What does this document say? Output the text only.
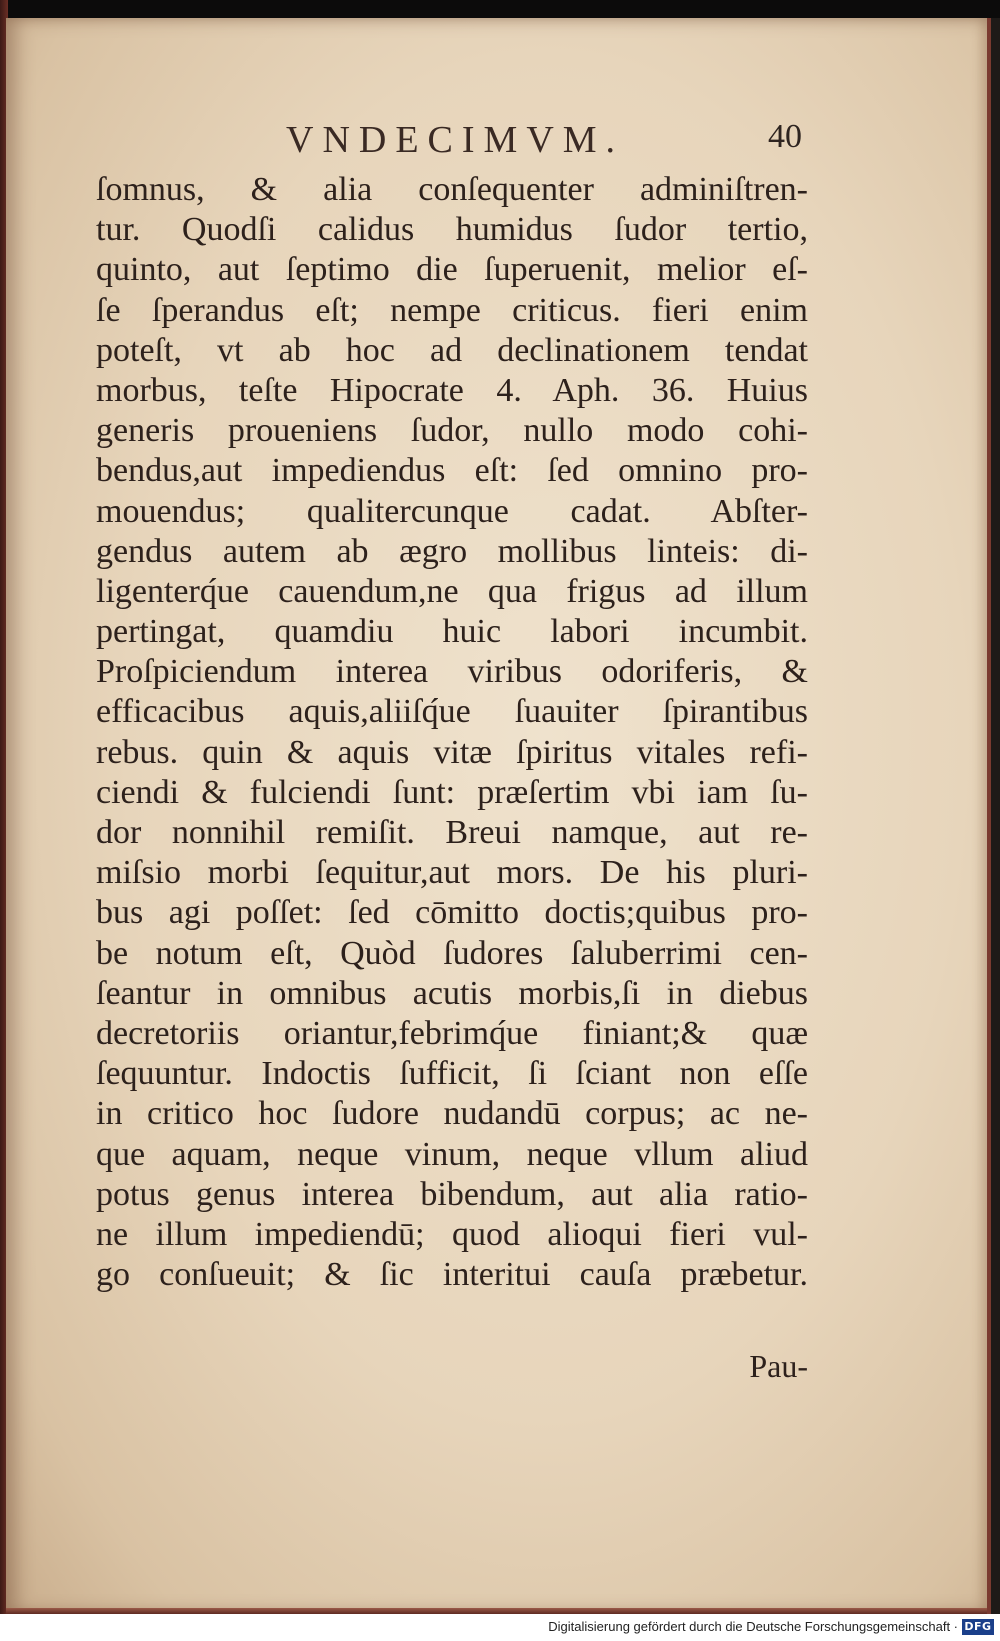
VNDECIMVM.	40
ſomnus, & alia conſequenter adminiſtren-
tur. Quodſi calidus humidus ſudor tertio,
quinto, aut ſeptimo die ſuperuenit, melior eſ-
ſe ſperandus eſt; nempe criticus. fieri enim
poteſt, vt ab hoc ad declinationem tendat
morbus, teſte Hipocrate 4. Aph. 36. Huius
generis prоueniens ſudor, nullo modo cohi-
bendus,aut impediendus eſt: ſed omnino pro-
mouendus; qualitercunque cadat. Abſter-
gendus autem ab ægro mollibus linteis: di-
ligenterq́ue cauendum,ne qua frigus ad illum
pertingat, quamdiu huic labori incumbit.
Proſpiciendum interea viribus odoriferis, &
efficacibus aquis,aliiſq́ue ſuauiter ſpirantibus
rebus. quin & aquis vitæ ſpiritus vitales refi-
ciendi & fulciendi ſunt: præſertim vbi iam ſu-
dor nonnihil remiſit. Breui namque, aut re-
miſsio morbi ſequitur,aut mors. De his pluri-
bus agi poſſet: ſed cōmitto doctis;quibus pro-
be notum eſt, Quòd ſudores ſaluberrimi cen-
ſeantur in omnibus acutis morbis,ſi in diebus
decretoriis oriantur,febrimq́ue finiant;& quæ
ſequuntur. Indoctis ſufficit, ſi ſciant non eſſe
in critico hoc ſudore nudandū corpus; ac ne-
que aquam, neque vinum, neque vllum aliud
potus genus interea bibendum, aut alia ratio-
ne illum impediendū; quod alioqui fieri vul-
go conſueuit; & ſic interitui cauſa præbetur.
Pau-
Digitalisierung gefördert durch die Deutsche Forschungsgemeinschaft · DFG
